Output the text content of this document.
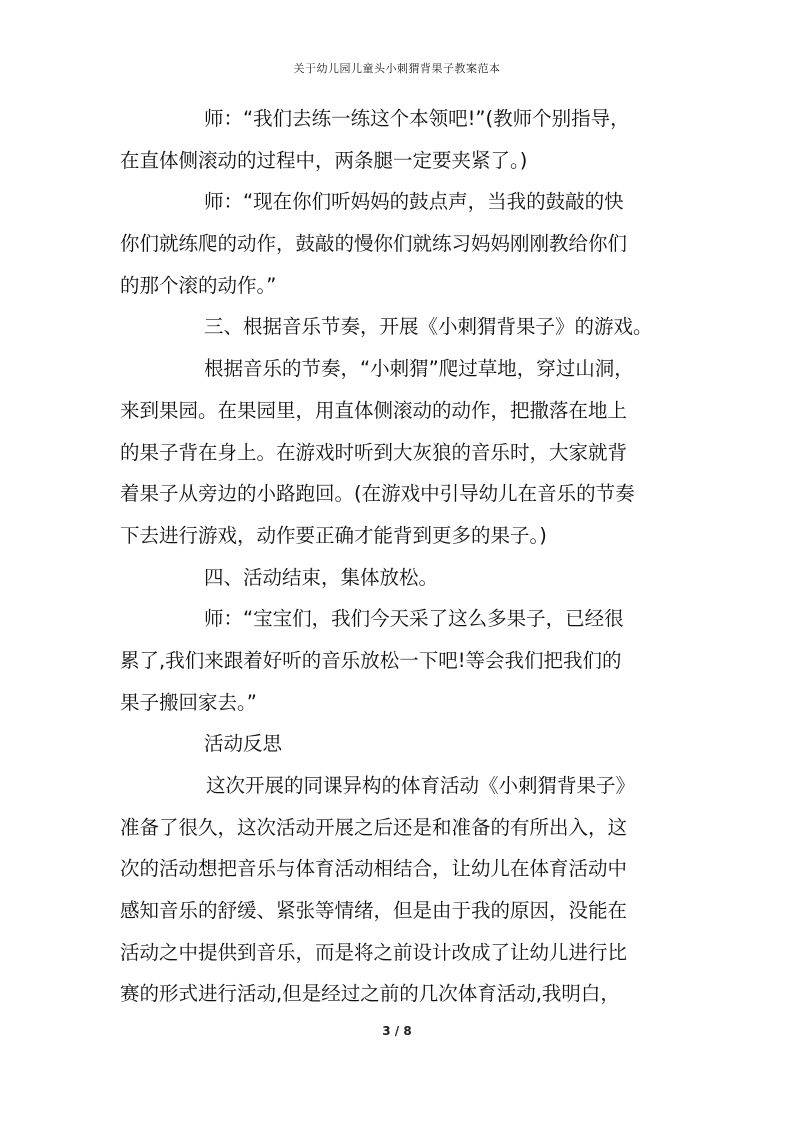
关于幼儿园儿童头小刺猬背果子教案范本
师：“我们去练一练这个本领吧!”(教师个别指导，
在直体侧滚动的过程中，两条腿一定要夹紧了。)
师：“现在你们听妈妈的鼓点声，当我的鼓敲的快
你们就练爬的动作，鼓敲的慢你们就练习妈妈刚刚教给你们
的那个滚的动作。”
三、根据音乐节奏，开展《小刺猬背果子》的游戏。
根据音乐的节奏，“小刺猬”爬过草地，穿过山洞，
来到果园。在果园里，用直体侧滚动的动作，把撒落在地上
的果子背在身上。在游戏时听到大灰狼的音乐时，大家就背
着果子从旁边的小路跑回。(在游戏中引导幼儿在音乐的节奏
下去进行游戏，动作要正确才能背到更多的果子。)
四、活动结束，集体放松。
师：“宝宝们，我们今天采了这么多果子，已经很
累了,我们来跟着好听的音乐放松一下吧!等会我们把我们的
果子搬回家去。”
活动反思
这次开展的同课异构的体育活动《小刺猬背果子》
准备了很久，这次活动开展之后还是和准备的有所出入，这
次的活动想把音乐与体育活动相结合，让幼儿在体育活动中
感知音乐的舒缓、紧张等情绪，但是由于我的原因，没能在
活动之中提供到音乐，而是将之前设计改成了让幼儿进行比
赛的形式进行活动,但是经过之前的几次体育活动,我明白，
3 / 8
